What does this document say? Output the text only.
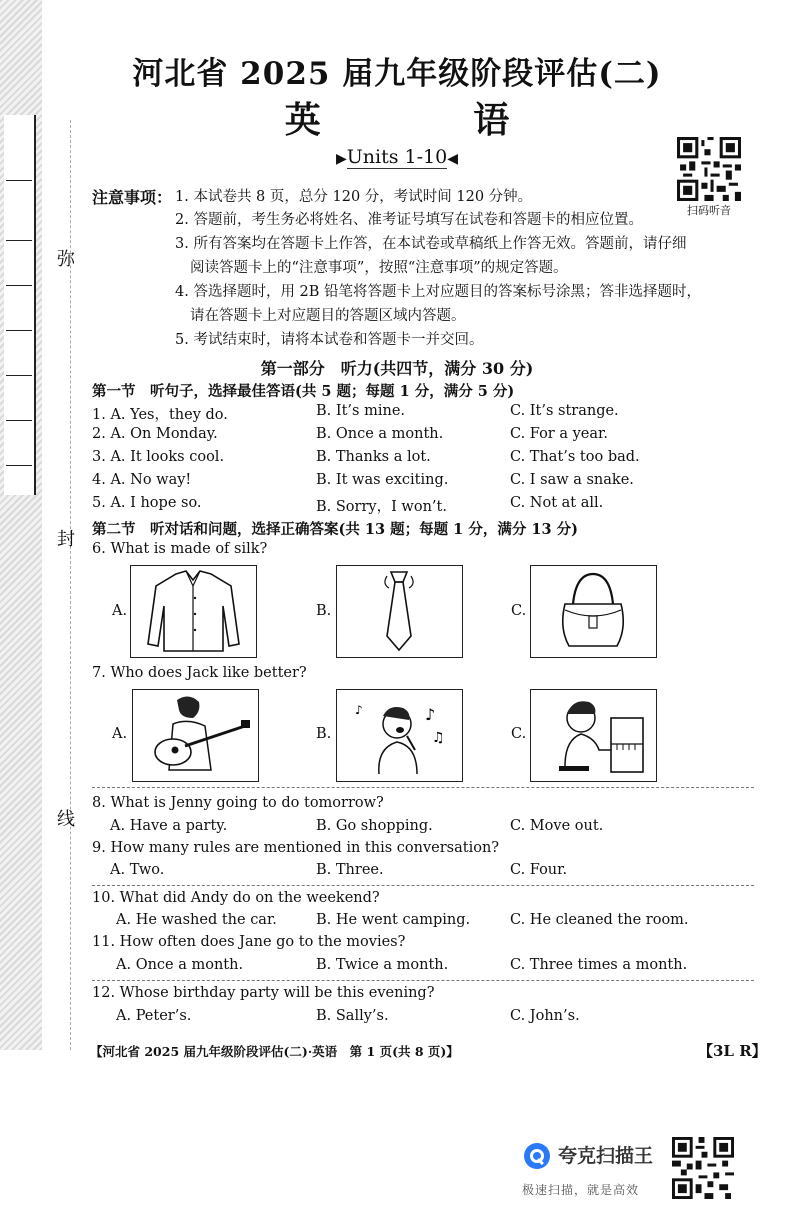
弥
封
线
河北省 2025 届九年级阶段评估(二)
英 语
▶Units 1-10◀
扫码听音
注意事项： 1. 本试卷共 8 页，总分 120 分，考试时间 120 分钟。
2. 答题前，考生务必将姓名、准考证号填写在试卷和答题卡的相应位置。
3. 所有答案均在答题卡上作答，在本试卷或草稿纸上作答无效。答题前，请仔细
阅读答题卡上的“注意事项”，按照“注意事项”的规定答题。
4. 答选择题时，用 2B 铅笔将答题卡上对应题目的答案标号涂黑；答非选择题时，
请在答题卡上对应题目的答题区域内答题。
5. 考试结束时，请将本试卷和答题卡一并交回。
第一部分　听力(共四节，满分 30 分)
第一节　听句子，选择最佳答语(共 5 题；每题 1 分，满分 5 分)
1. A. Yes，they do.	B. It’s mine.	C. It’s strange.
2. A. On Monday.	B. Once a month.	C. For a year.
3. A. It looks cool.	B. Thanks a lot.	C. That’s too bad.
4. A. No way!	B. It was exciting.	C. I saw a snake.
5. A. I hope so.	B. Sorry，I won’t.	C. Not at all.
第二节　听对话和问题，选择正确答案(共 13 题；每题 1 分，满分 13 分)
6. What is made of silk?
A.	B.	C.
7. Who does Jack like better?
A.	B.
♪
♫
♪
C.
8. What is Jenny going to do tomorrow?
A. Have a party.	B. Go shopping.	C. Move out.
9. How many rules are mentioned in this conversation?
A. Two.	B. Three.	C. Four.
10. What did Andy do on the weekend?
A. He washed the car.	B. He went camping.	C. He cleaned the room.
11. How often does Jane go to the movies?
A. Once a month.	B. Twice a month.	C. Three times a month.
12. Whose birthday party will be this evening?
A. Peter’s.	B. Sally’s.	C. John’s.
【河北省 2025 届九年级阶段评估(二)·英语　第 1 页(共 8 页)】	【3L R】
夸克扫描王
极速扫描，就是高效
